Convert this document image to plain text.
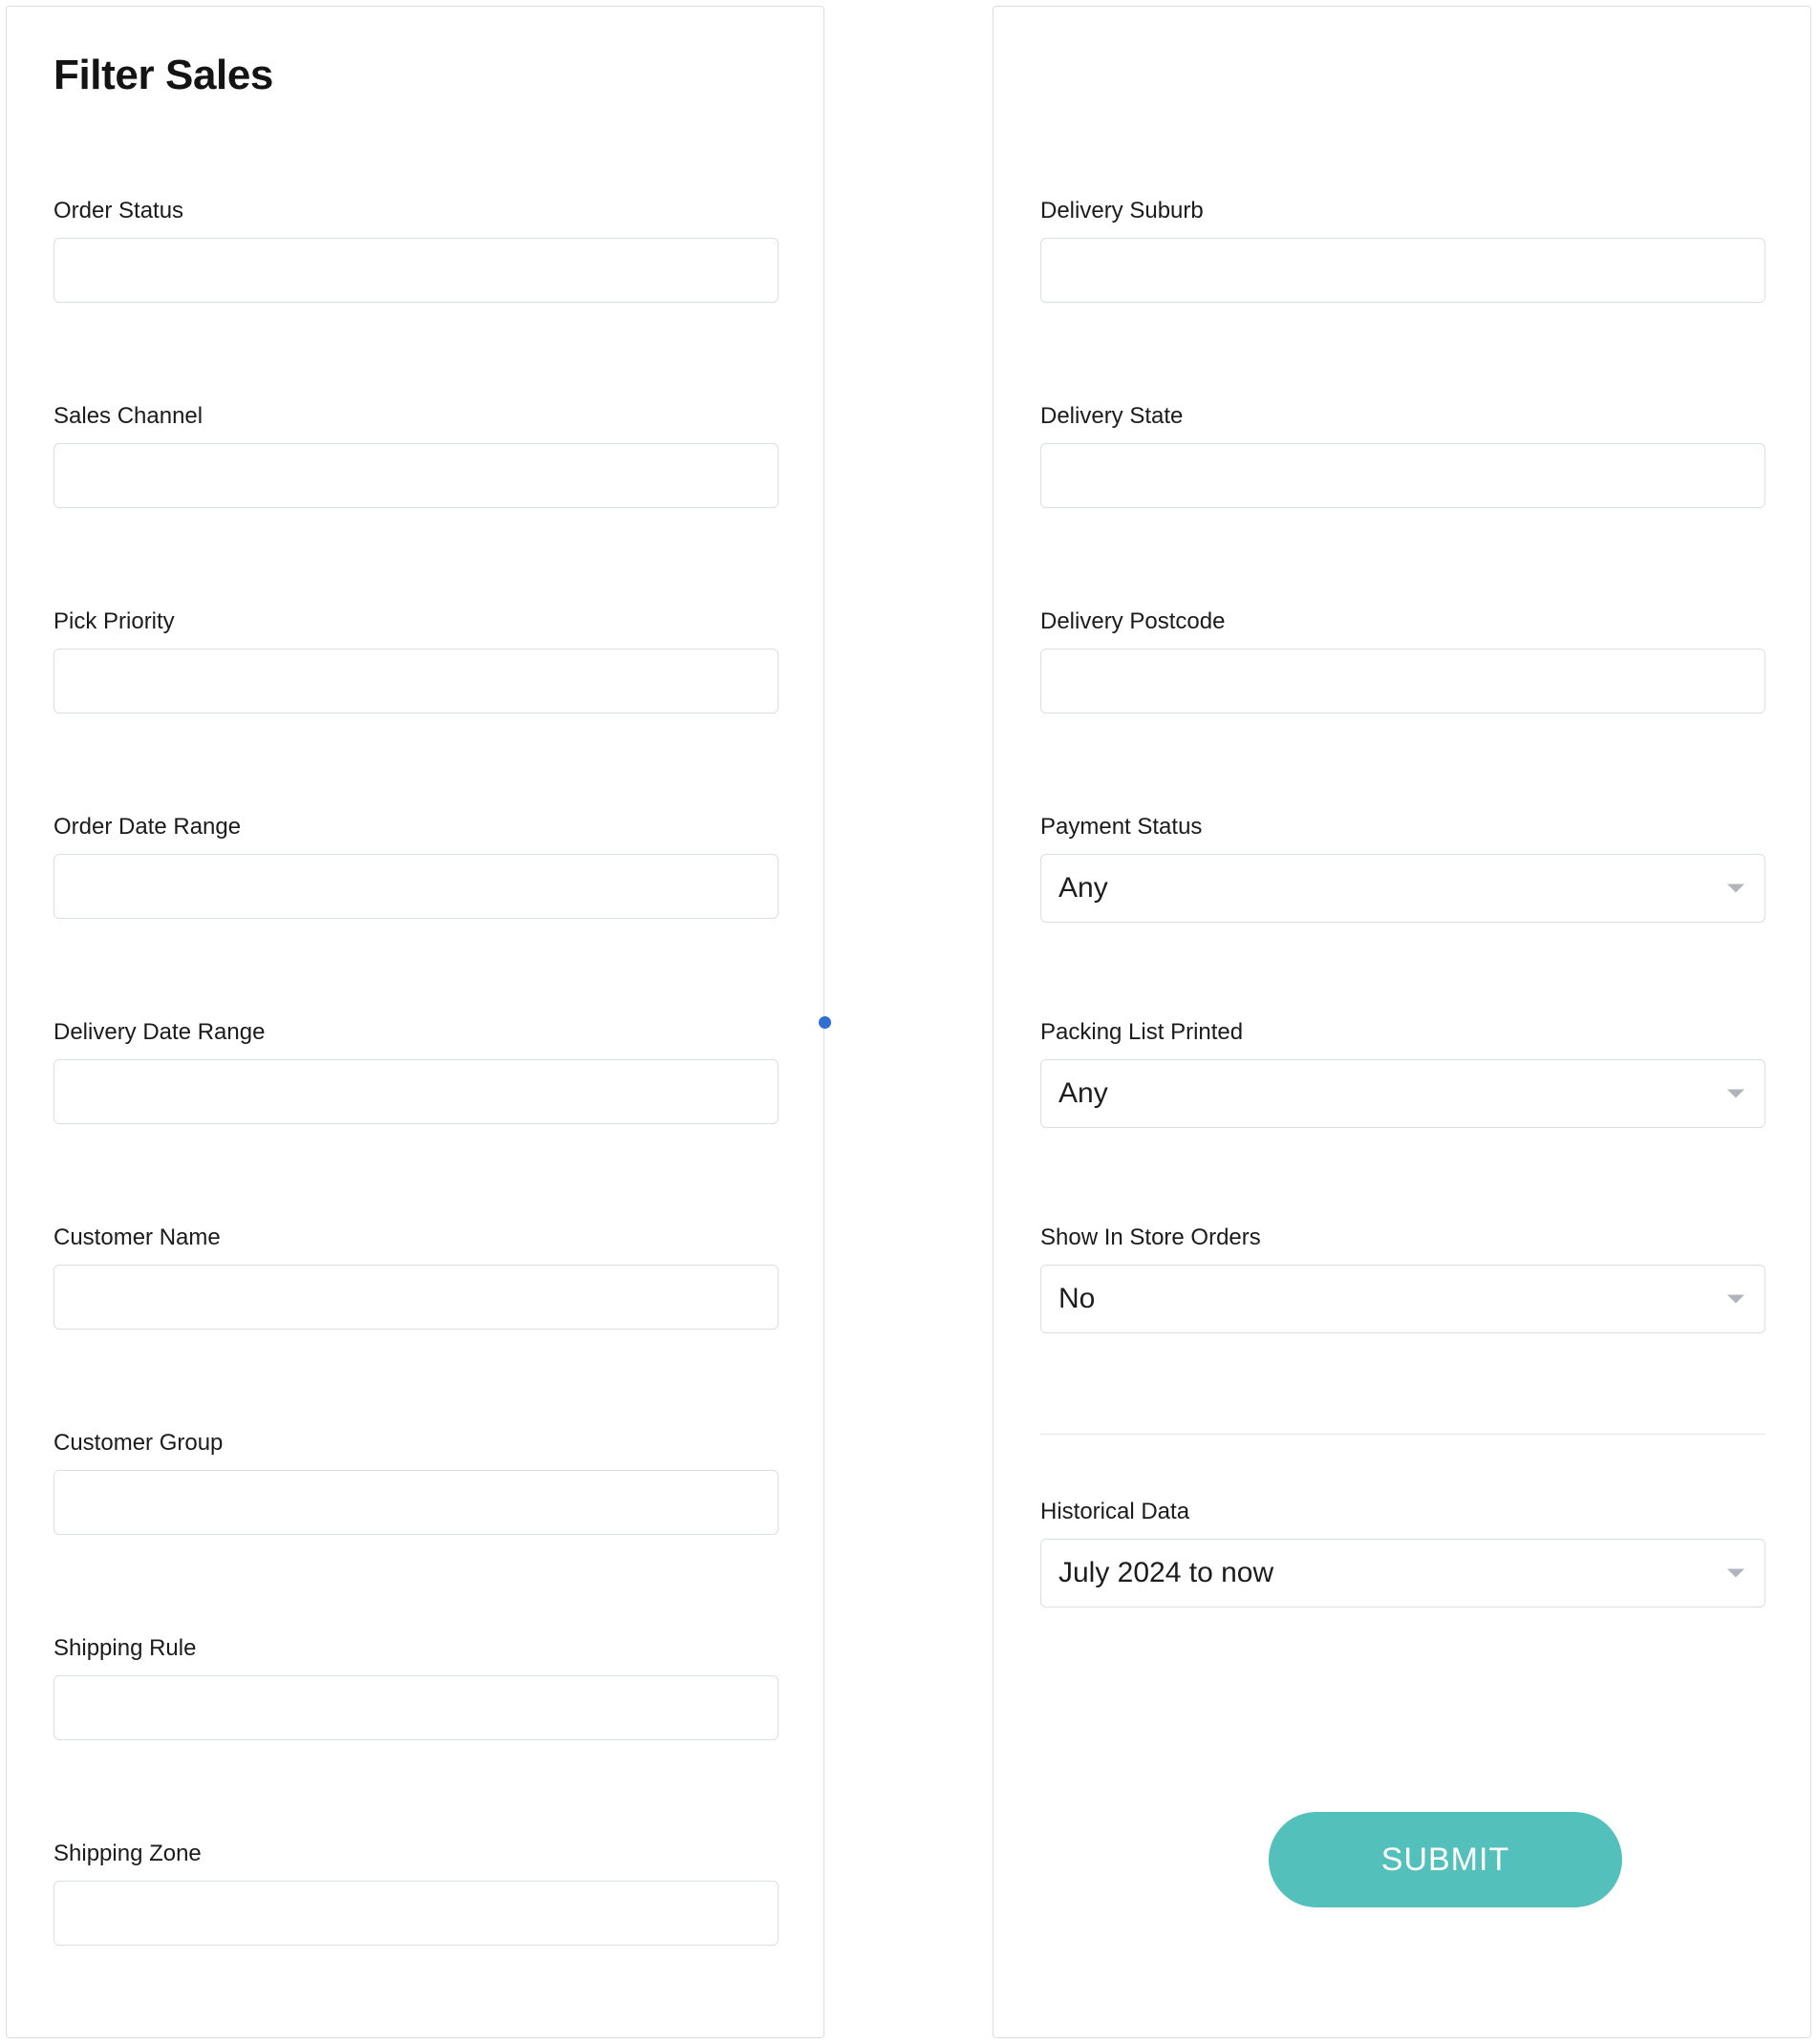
Filter Sales
Order Status
Sales Channel
Pick Priority
Order Date Range
Delivery Date Range
Customer Name
Customer Group
Shipping Rule
Shipping Zone
Delivery Suburb
Delivery State
Delivery Postcode
Payment Status
Any
Packing List Printed
Any
Show In Store Orders
No
Historical Data
July 2024 to now
SUBMIT
